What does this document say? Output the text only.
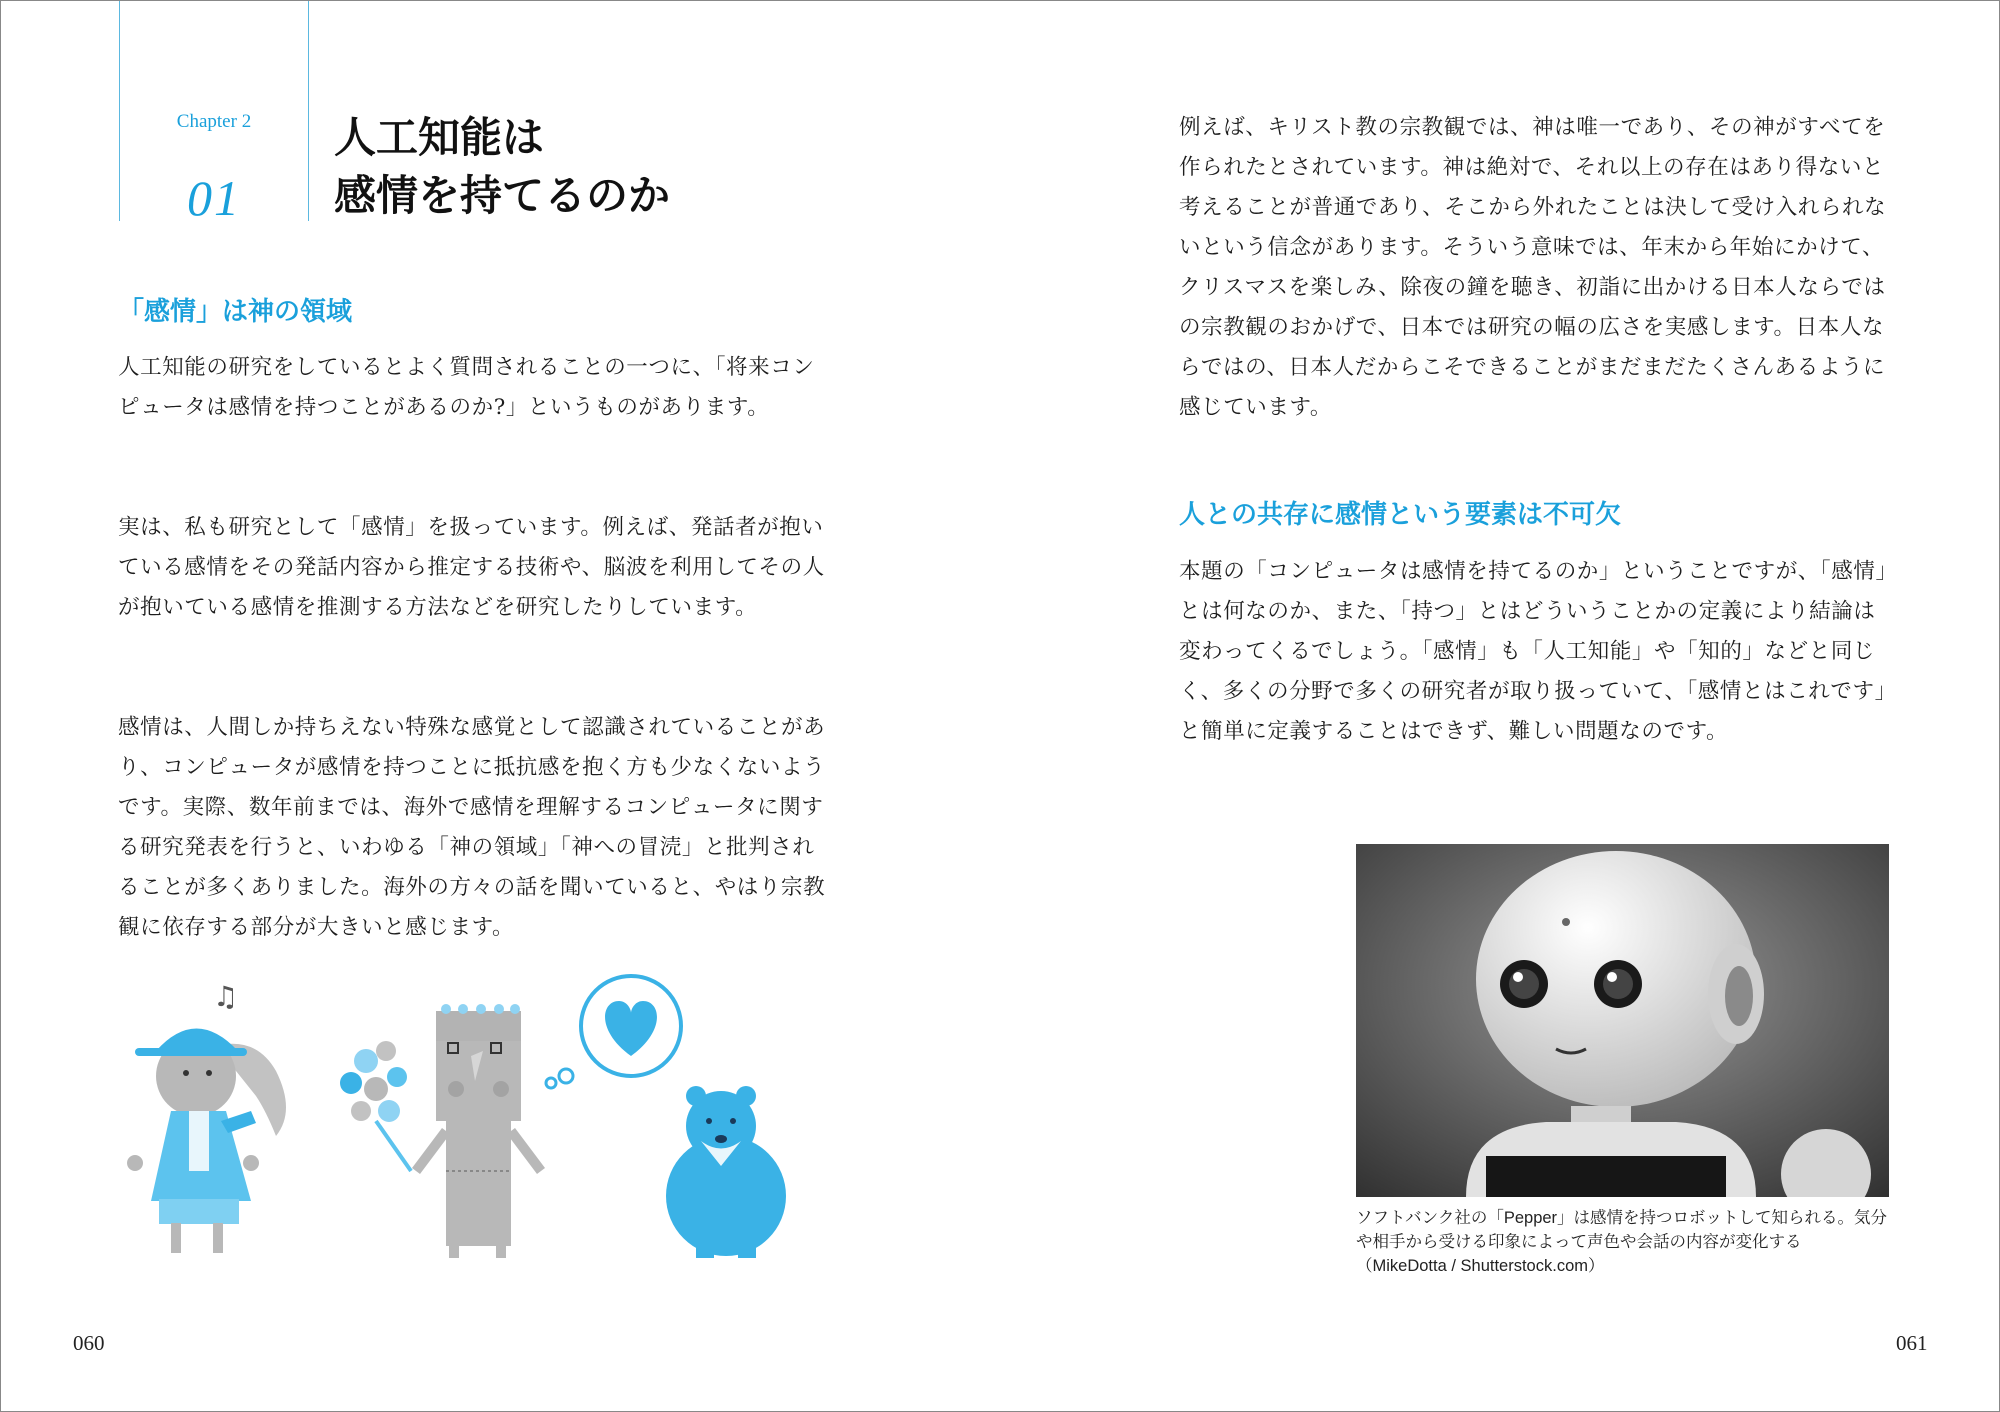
Chapter 2
01
人工知能は
感情を持てるのか
「感情」は神の領域
人工知能の研究をしているとよく質問されることの一つに、「将来コンピュータは感情を持つことがあるのか?」というものがあります。
実は、私も研究として「感情」を扱っています。例えば、発話者が抱いている感情をその発話内容から推定する技術や、脳波を利用してその人が抱いている感情を推測する方法などを研究したりしています。
感情は、人間しか持ちえない特殊な感覚として認識されていることがあり、コンピュータが感情を持つことに抵抗感を抱く方も少なくないようです。実際、数年前までは、海外で感情を理解するコンピュータに関する研究発表を行うと、いわゆる「神の領域」「神への冒涜」と批判されることが多くありました。海外の方々の話を聞いていると、やはり宗教観に依存する部分が大きいと感じます。
♫
060
例えば、キリスト教の宗教観では、神は唯一であり、その神がすべてを作られたとされています。神は絶対で、それ以上の存在はあり得ないと考えることが普通であり、そこから外れたことは決して受け入れられないという信念があります。そういう意味では、年末から年始にかけて、クリスマスを楽しみ、除夜の鐘を聴き、初詣に出かける日本人ならではの宗教観のおかげで、日本では研究の幅の広さを実感します。日本人ならではの、日本人だからこそできることがまだまだたくさんあるように感じています。
人との共存に感情という要素は不可欠
本題の「コンピュータは感情を持てるのか」ということですが、「感情」とは何なのか、また、「持つ」とはどういうことかの定義により結論は変わってくるでしょう。「感情」も「人工知能」や「知的」などと同じく、多くの分野で多くの研究者が取り扱っていて、「感情とはこれです」と簡単に定義することはできず、難しい問題なのです。
ソフトバンク社の「Pepper」は感情を持つロボットして知られる。気分や相手から受ける印象によって声色や会話の内容が変化する（MikeDotta / Shutterstock.com）
061
